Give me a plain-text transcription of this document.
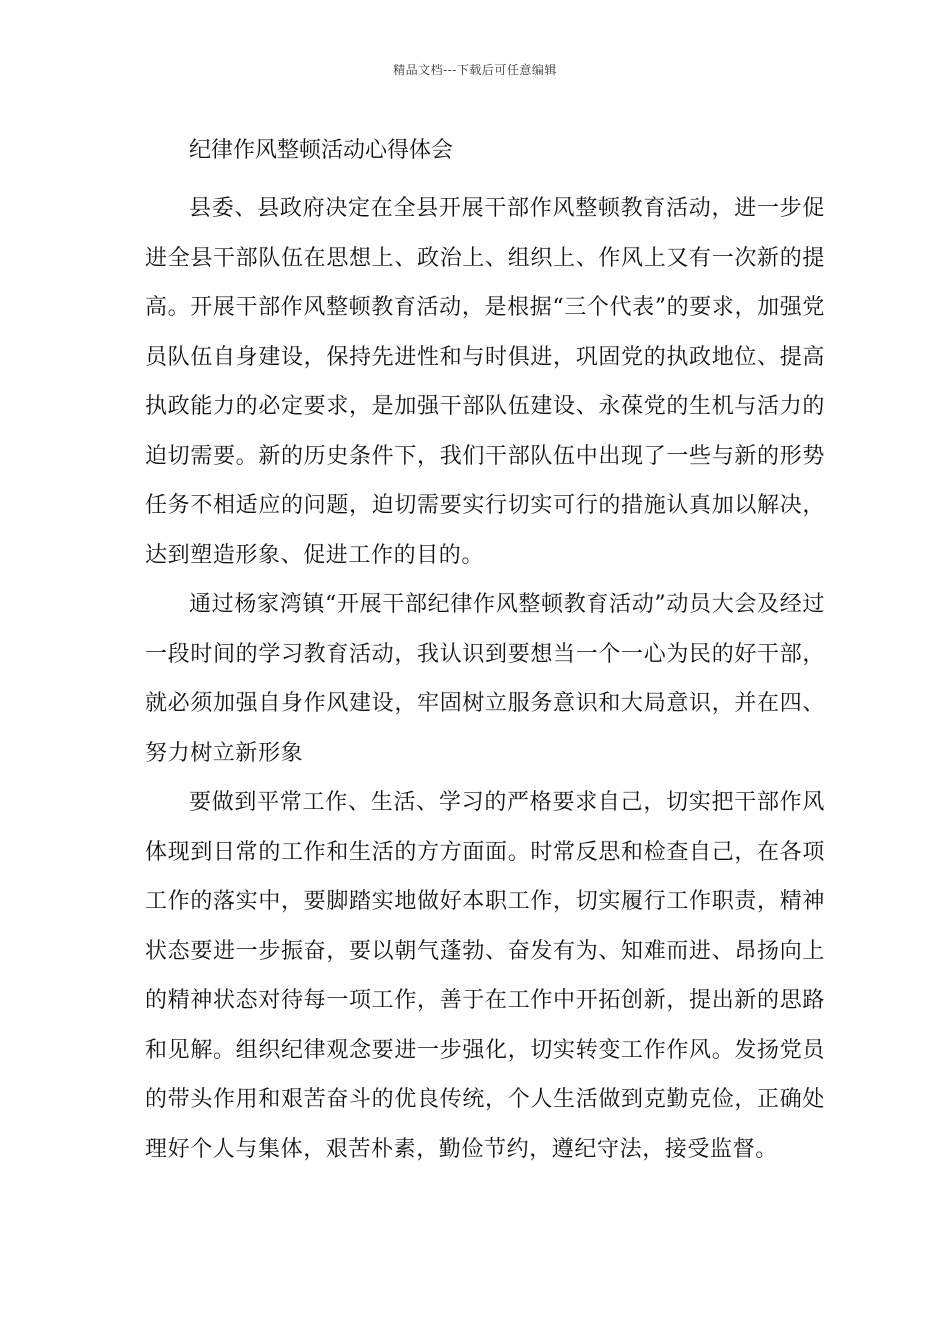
精品文档---下载后可任意编辑
纪律作风整顿活动心得体会

县委、县政府决定在全县开展干部作风整顿教育活动，进一步促进全县干部队伍在思想上、政治上、组织上、作风上又有一次新的提高。开展干部作风整顿教育活动，是根据“三个代表”的要求，加强党员队伍自身建设，保持先进性和与时俱进，巩固党的执政地位、提高执政能力的必定要求，是加强干部队伍建设、永葆党的生机与活力的迫切需要。新的历史条件下，我们干部队伍中出现了一些与新的形势任务不相适应的问题，迫切需要实行切实可行的措施认真加以解决，达到塑造形象、促进工作的目的。

通过杨家湾镇“开展干部纪律作风整顿教育活动”动员大会及经过一段时间的学习教育活动，我认识到要想当一个一心为民的好干部，就必须加强自身作风建设，牢固树立服务意识和大局意识，并在四、努力树立新形象

要做到平常工作、生活、学习的严格要求自己，切实把干部作风体现到日常的工作和生活的方方面面。时常反思和检查自己，在各项工作的落实中，要脚踏实地做好本职工作，切实履行工作职责，精神状态要进一步振奋，要以朝气蓬勃、奋发有为、知难而进、昂扬向上的精神状态对待每一项工作，善于在工作中开拓创新，提出新的思路和见解。组织纪律观念要进一步强化，切实转变工作作风。发扬党员的带头作用和艰苦奋斗的优良传统，个人生活做到克勤克俭，正确处理好个人与集体，艰苦朴素，勤俭节约，遵纪守法，接受监督。
